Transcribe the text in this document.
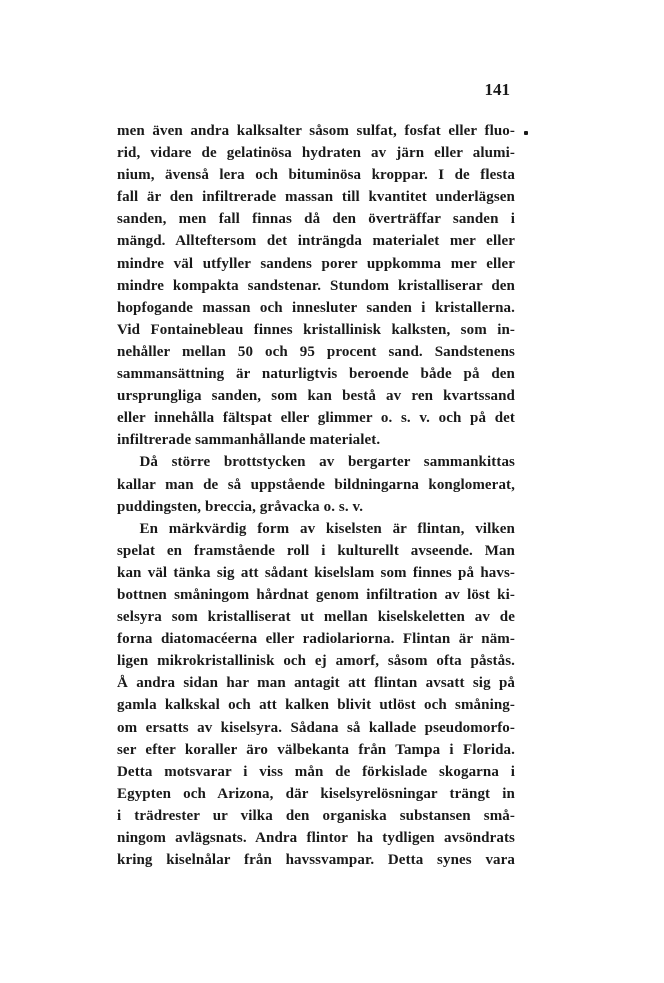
141

men även andra kalksalter såsom sulfat, fosfat eller fluo-
rid, vidare de gelatinösa hydraten av järn eller alumi-
nium, ävenså lera och bituminösa kroppar. I de flesta
fall är den infiltrerade massan till kvantitet underlägsen
sanden, men fall finnas då den överträffar sanden i
mängd. Allteftersom det inträngda materialet mer eller
mindre väl utfyller sandens porer uppkomma mer eller
mindre kompakta sandstenar. Stundom kristalliserar den
hopfogande massan och innesluter sanden i kristallerna.
Vid Fontainebleau finnes kristallinisk kalksten, som in-
nehåller mellan 50 och 95 procent sand. Sandstenens
sammansättning är naturligtvis beroende både på den
ursprungliga sanden, som kan bestå av ren kvartssand
eller innehålla fältspat eller glimmer o. s. v. och på det
infiltrerade sammanhållande materialet.

Då större brottstycken av bergarter sammankittas
kallar man de så uppstående bildningarna konglomerat,
puddingsten, breccia, gråvacka o. s. v.

En märkvärdig form av kiselsten är flintan, vilken
spelat en framstående roll i kulturellt avseende. Man
kan väl tänka sig att sådant kiselslam som finnes på havs-
bottnen småningom hårdnat genom infiltration av löst ki-
selsyra som kristalliserat ut mellan kiselskeletten av de
forna diatomacéerna eller radiolariorna. Flintan är näm-
ligen mikrokristallinisk och ej amorf, såsom ofta påstås.
Å andra sidan har man antagit att flintan avsatt sig på
gamla kalkskal och att kalken blivit utlöst och småning-
om ersatts av kiselsyra. Sådana så kallade pseudomorfo-
ser efter koraller äro välbekanta från Tampa i Florida.
Detta motsvarar i viss mån de förkislade skogarna i
Egypten och Arizona, där kiselsyrelösningar trängt in
i trädrester ur vilka den organiska substansen små-
ningom avlägsnats. Andra flintor ha tydligen avsöndrats
kring kiselnålar från havssvampar. Detta synes vara
